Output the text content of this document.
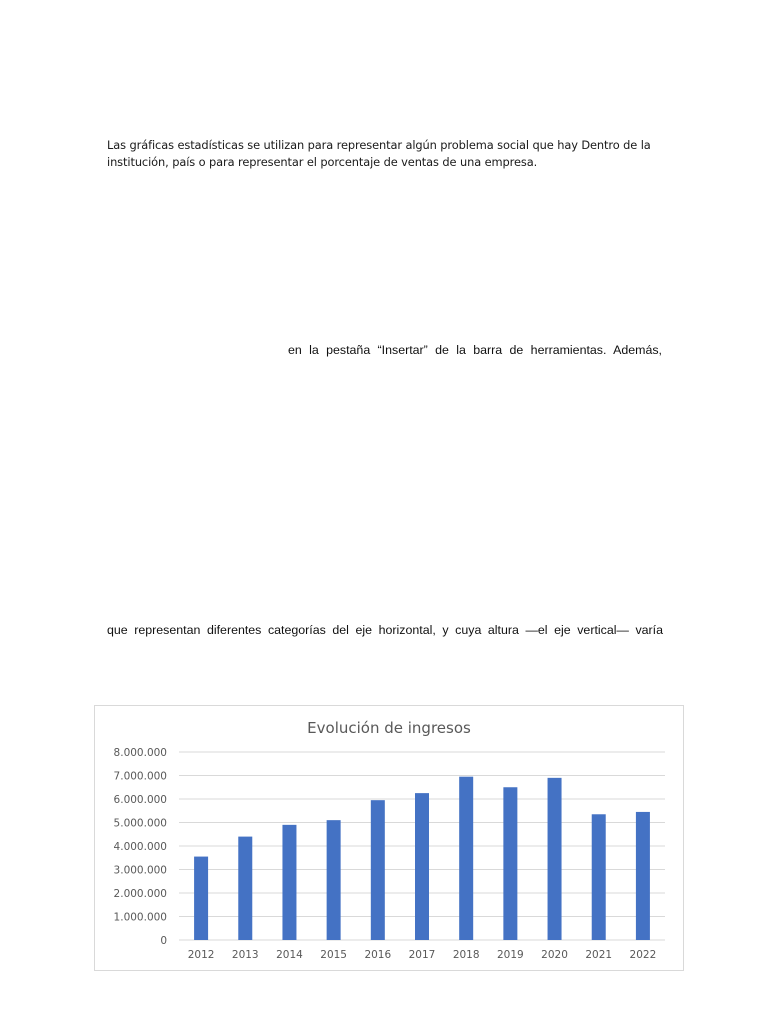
Las gráficas estadísticas se utilizan para representar algún problema social que hay Dentro de la
institución, país o para representar el porcentaje de ventas de una empresa.
en la pestaña “Insertar” de la barra de herramientas. Además,
que representan diferentes categorías del eje horizontal, y cuya altura —el eje vertical— varía
Evolución de ingresos
0
1.000.000
2.000.000
3.000.000
4.000.000
5.000.000
6.000.000
7.000.000
8.000.000
2012 2013 2014 2015 2016 2017 2018 2019 2020 2021 2022
